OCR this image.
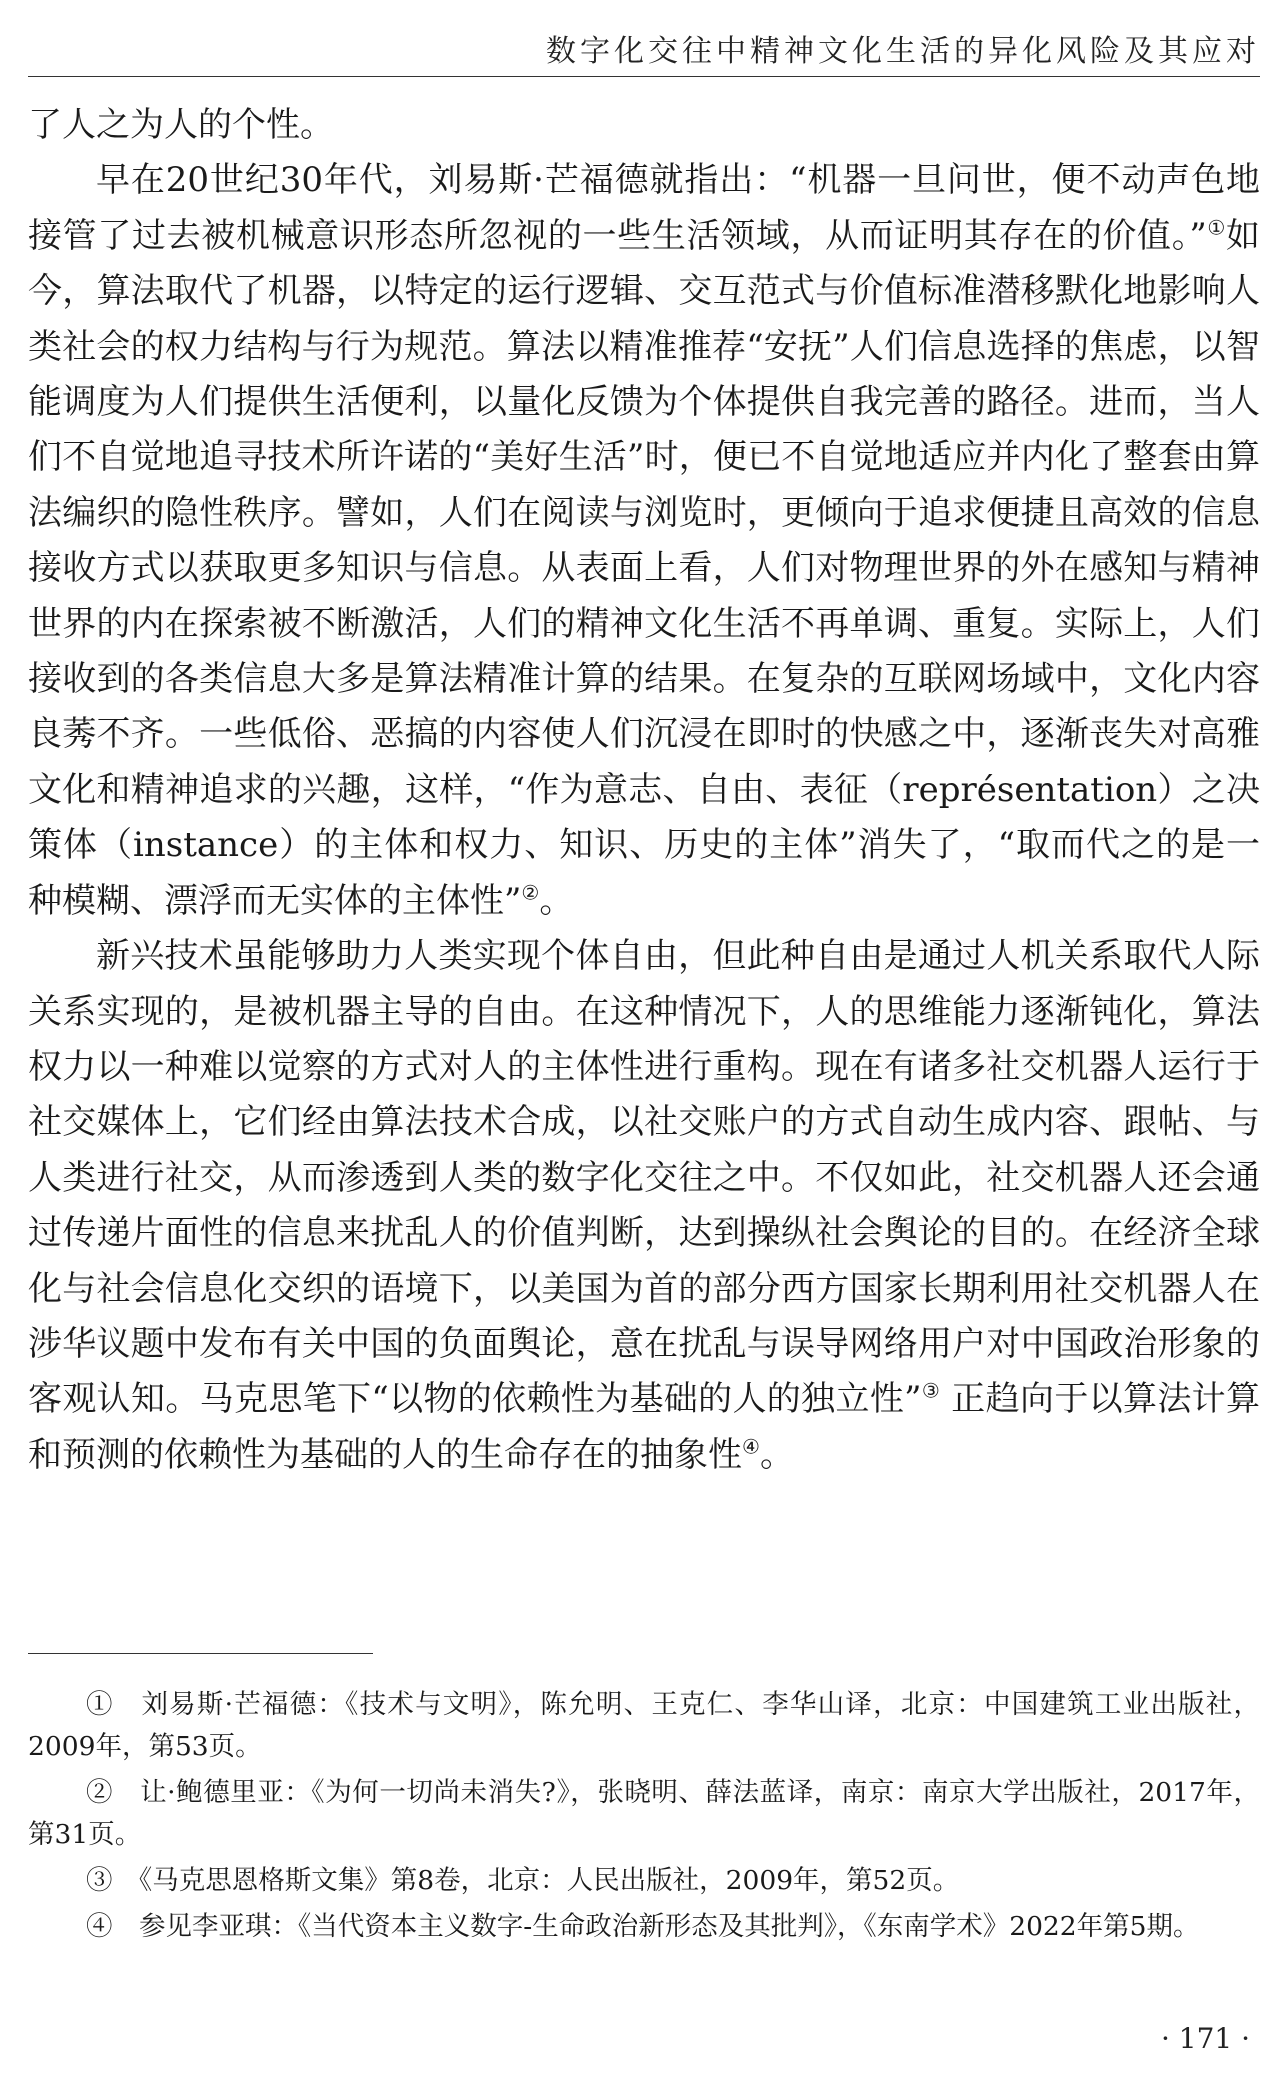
数字化交往中精神文化生活的异化风险及其应对

了人之为人的个性。

早在20世纪30年代，刘易斯·芒福德就指出：“机器一旦问世，便不动声色地接管了过去被机械意识形态所忽视的一些生活领域，从而证明其存在的价值。”①如今，算法取代了机器，以特定的运行逻辑、交互范式与价值标准潜移默化地影响人类社会的权力结构与行为规范。算法以精准推荐“安抚”人们信息选择的焦虑，以智能调度为人们提供生活便利，以量化反馈为个体提供自我完善的路径。进而，当人们不自觉地追寻技术所许诺的“美好生活”时，便已不自觉地适应并内化了整套由算法编织的隐性秩序。譬如，人们在阅读与浏览时，更倾向于追求便捷且高效的信息接收方式以获取更多知识与信息。从表面上看，人们对物理世界的外在感知与精神世界的内在探索被不断激活，人们的精神文化生活不再单调、重复。实际上，人们接收到的各类信息大多是算法精准计算的结果。在复杂的互联网场域中，文化内容良莠不齐。一些低俗、恶搞的内容使人们沉浸在即时的快感之中，逐渐丧失对高雅文化和精神追求的兴趣，这样，“作为意志、自由、表征（représentation）之决策体（instance）的主体和权力、知识、历史的主体”消失了，“取而代之的是一种模糊、漂浮而无实体的主体性”②。

新兴技术虽能够助力人类实现个体自由，但此种自由是通过人机关系取代人际关系实现的，是被机器主导的自由。在这种情况下，人的思维能力逐渐钝化，算法权力以一种难以觉察的方式对人的主体性进行重构。现在有诸多社交机器人运行于社交媒体上，它们经由算法技术合成，以社交账户的方式自动生成内容、跟帖、与人类进行社交，从而渗透到人类的数字化交往之中。不仅如此，社交机器人还会通过传递片面性的信息来扰乱人的价值判断，达到操纵社会舆论的目的。在经济全球化与社会信息化交织的语境下，以美国为首的部分西方国家长期利用社交机器人在涉华议题中发布有关中国的负面舆论，意在扰乱与误导网络用户对中国政治形象的客观认知。马克思笔下“以物的依赖性为基础的人的独立性”③ 正趋向于以算法计算和预测的依赖性为基础的人的生命存在的抽象性④。

①　刘易斯·芒福德：《技术与文明》，陈允明、王克仁、李华山译，北京：中国建筑工业出版社，2009年，第53页。

②　让·鲍德里亚：《为何一切尚未消失?》，张晓明、薛法蓝译，南京：南京大学出版社，2017年，第31页。

③　《马克思恩格斯文集》第8卷，北京：人民出版社，2009年，第52页。

④　参见李亚琪：《当代资本主义数字-生命政治新形态及其批判》，《东南学术》2022年第5期。

· 171 ·
